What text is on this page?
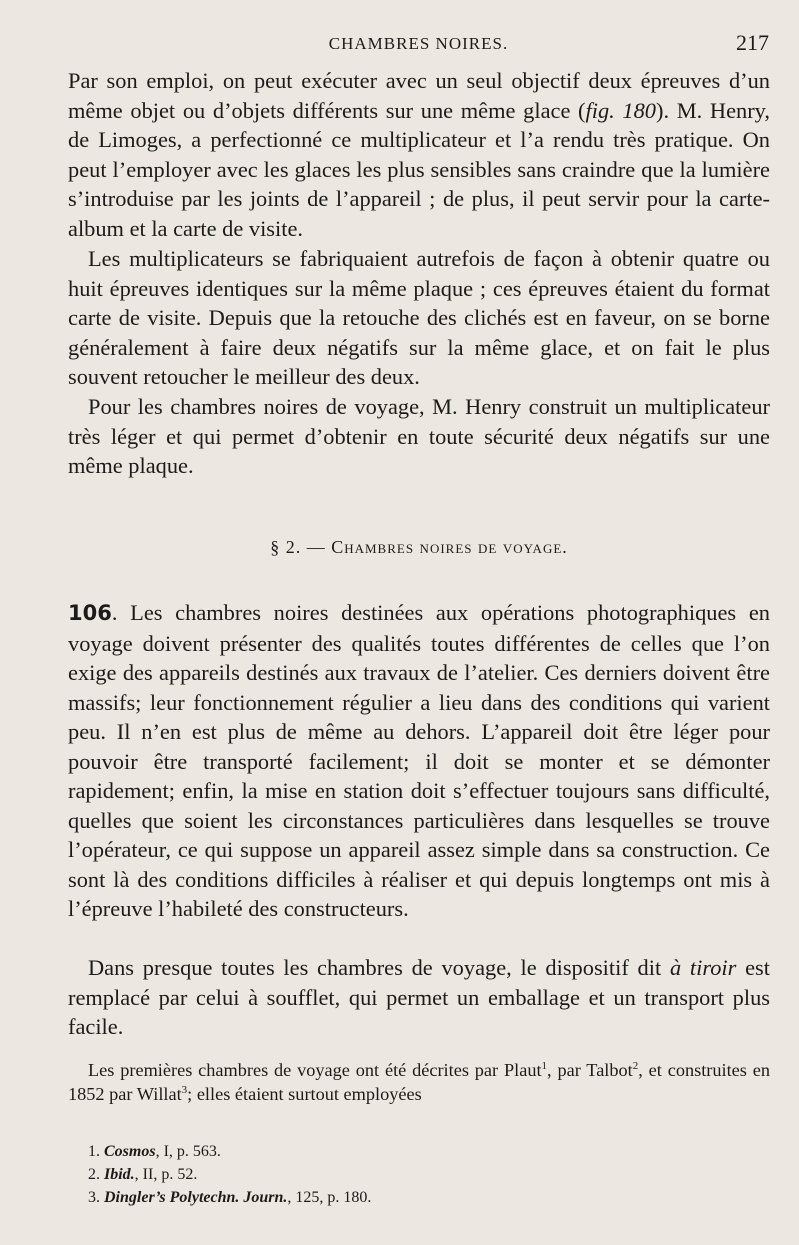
CHAMBRES NOIRES.	217

Par son emploi, on peut exécuter avec un seul objectif deux épreuves d’un même objet ou d’objets différents sur une même glace (fig. 180). M. Henry, de Limoges, a perfectionné ce multiplicateur et l’a rendu très pratique. On peut l’employer avec les glaces les plus sensibles sans craindre que la lumière s’introduise par les joints de l’appareil ; de plus, il peut servir pour la carte-album et la carte de visite.

Les multiplicateurs se fabriquaient autrefois de façon à obtenir quatre ou huit épreuves identiques sur la même plaque ; ces épreuves étaient du format carte de visite. Depuis que la retouche des clichés est en faveur, on se borne généralement à faire deux négatifs sur la même glace, et on fait le plus souvent retoucher le meilleur des deux.

Pour les chambres noires de voyage, M. Henry construit un multiplicateur très léger et qui permet d’obtenir en toute sécurité deux négatifs sur une même plaque.

§ 2. — Chambres noires de voyage.

106. Les chambres noires destinées aux opérations photographiques en voyage doivent présenter des qualités toutes différentes de celles que l’on exige des appareils destinés aux travaux de l’atelier. Ces derniers doivent être massifs; leur fonctionnement régulier a lieu dans des conditions qui varient peu. Il n’en est plus de même au dehors. L’appareil doit être léger pour pouvoir être transporté facilement; il doit se monter et se démonter rapidement; enfin, la mise en station doit s’effectuer toujours sans difficulté, quelles que soient les circonstances particulières dans lesquelles se trouve l’opérateur, ce qui suppose un appareil assez simple dans sa construction. Ce sont là des conditions difficiles à réaliser et qui depuis longtemps ont mis à l’épreuve l’habileté des constructeurs.

Dans presque toutes les chambres de voyage, le dispositif dit à tiroir est remplacé par celui à soufflet, qui permet un emballage et un transport plus facile.

Les premières chambres de voyage ont été décrites par Plaut$^1$, par Talbot$^2$, et construites en 1852 par Willat$^3$; elles étaient surtout employées

1. Cosmos, I, p. 563.
2. Ibid., II, p. 52.
3. Dingler’s Polytechn. Journ., 125, p. 180.
